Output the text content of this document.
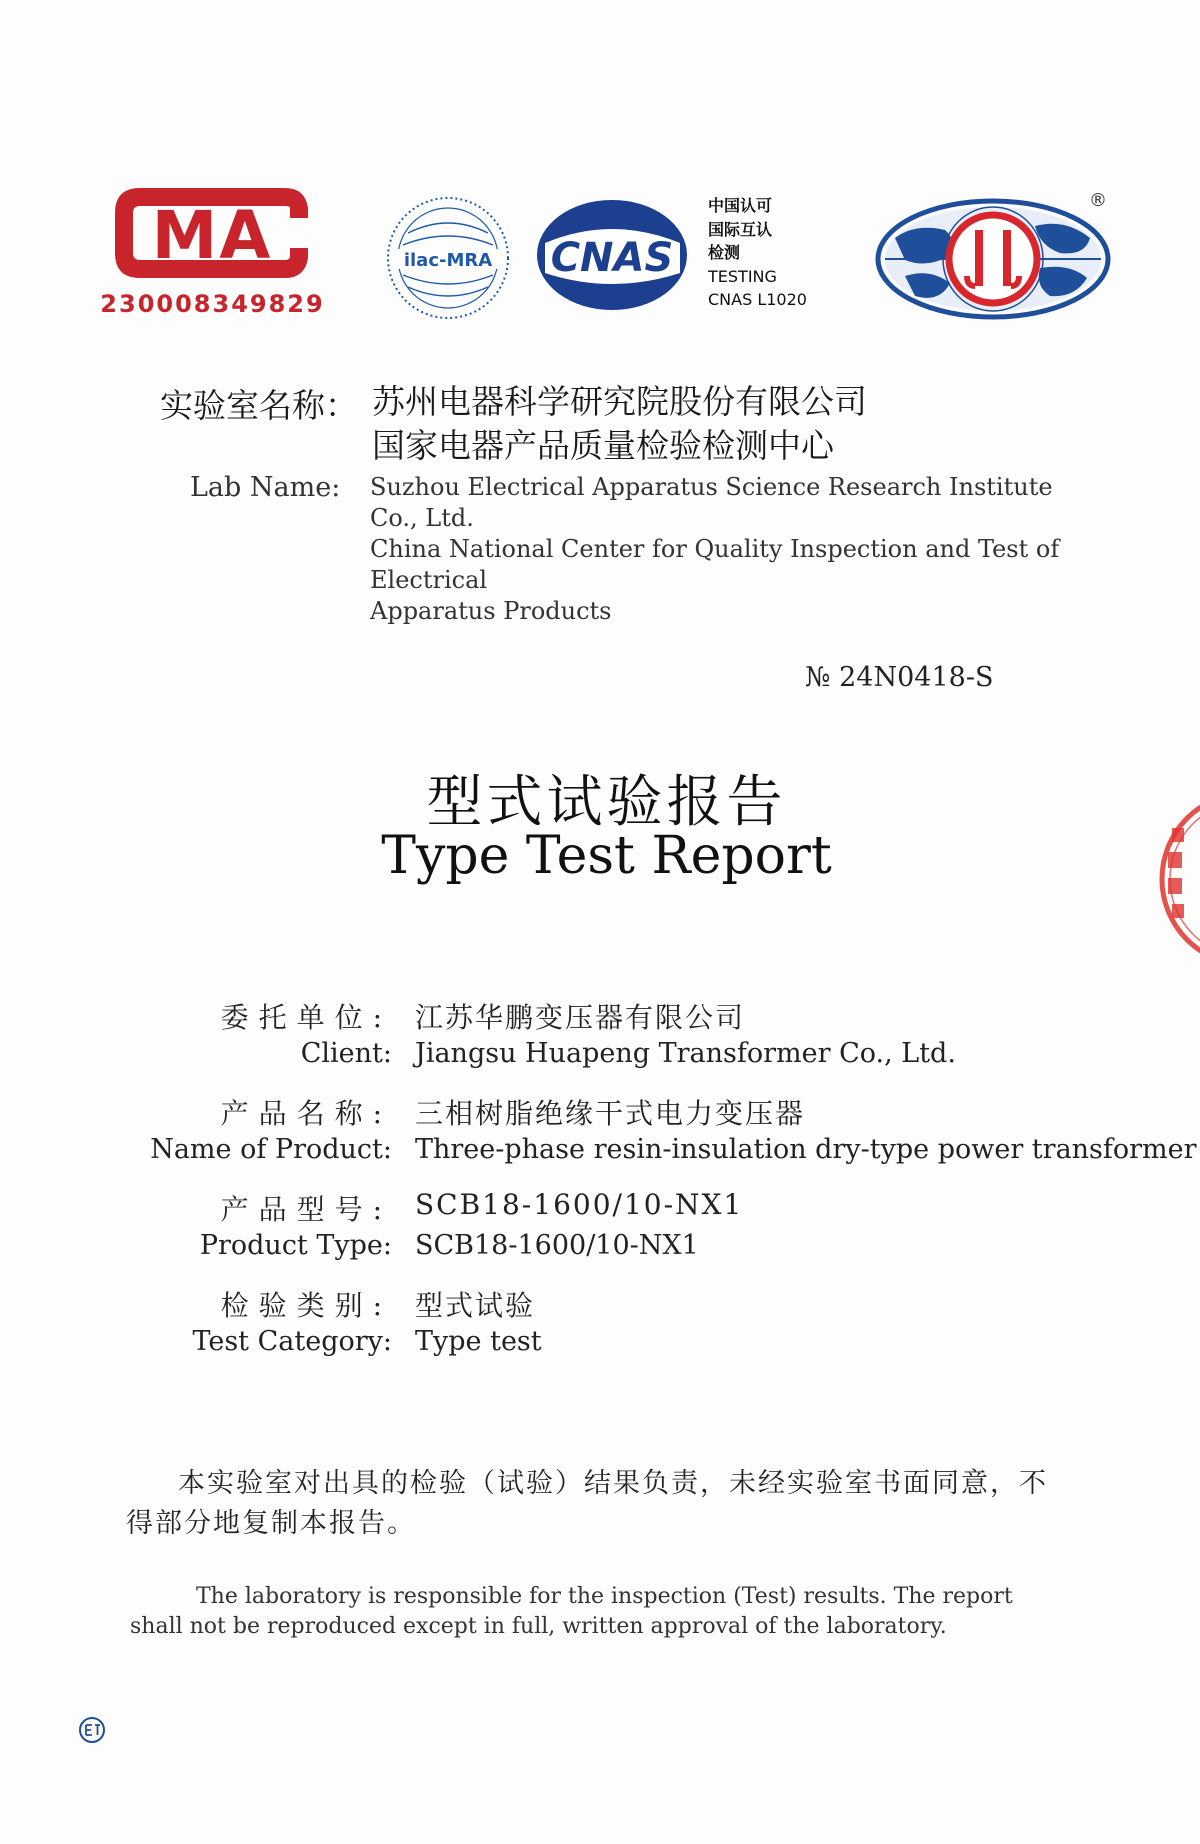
MA
230008349829
ilac-MRA CNAS
中国认可
国际互认
检测
TESTING
CNAS L1020
®
实验室名称： 苏州电器科学研究院股份有限公司
国家电器产品质量检验检测中心
Lab Name: Suzhou Electrical Apparatus Science Research Institute Co., Ltd.
China National Center for Quality Inspection and Test of Electrical
Apparatus Products
№ 24N0418-S
型式试验报告
Type Test Report
委托单位: 江苏华鹏变压器有限公司
Client: Jiangsu Huapeng Transformer Co., Ltd.
产品名称: 三相树脂绝缘干式电力变压器
Name of Product: Three-phase resin-insulation dry-type power transformer
产品型号: SCB18-1600/10-NX1
Product Type: SCB18-1600/10-NX1
检验类别: 型式试验
Test Category: Type test
本实验室对出具的检验（试验）结果负责，未经实验室书面同意，不得部分地复制本报告。
The laboratory is responsible for the inspection (Test) results. The report shall not be reproduced except in full, written approval of the laboratory.
